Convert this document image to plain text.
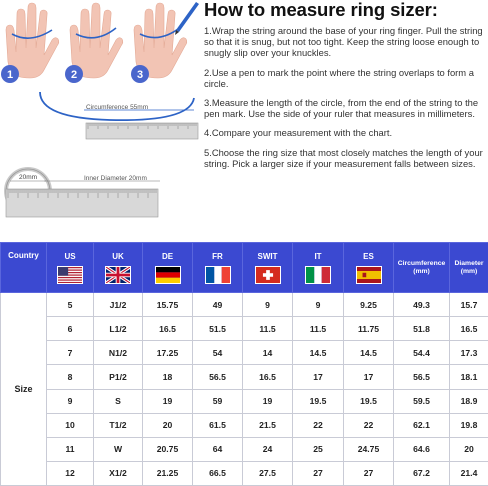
1	2	3
Circumference 55mm
20mm	Inner Diameter 20mm
How to measure ring sizer:

1.Wrap the string around the base of your ring finger. Pull the string so that it is snug, but not too tight. Keep the string loose enough to snugly slip over your knuckles.

2.Use a pen to mark the point where the string overlaps to form a circle.

3.Measure the length of the circle, from the end of the string to the pen mark. Use the side of your ruler that measures in millimeters.

4.Compare your measurement with the chart.

5.Choose the ring size that most closely matches the length of your string. Pick a larger size if your measurement falls between sizes.

Country	US	UK	DE	FR	SWIT	IT	ES	Circumference (mm)	Diameter (mm)
Size	5	J1/2	15.75	49	9	9	9.25	49.3	15.7
	6	L1/2	16.5	51.5	11.5	11.5	11.75	51.8	16.5
	7	N1/2	17.25	54	14	14.5	14.5	54.4	17.3
	8	P1/2	18	56.5	16.5	17	17	56.5	18.1
	9	S	19	59	19	19.5	19.5	59.5	18.9
	10	T1/2	20	61.5	21.5	22	22	62.1	19.8
	11	W	20.75	64	24	25	24.75	64.6	20
	12	X1/2	21.25	66.5	27.5	27	27	67.2	21.4
